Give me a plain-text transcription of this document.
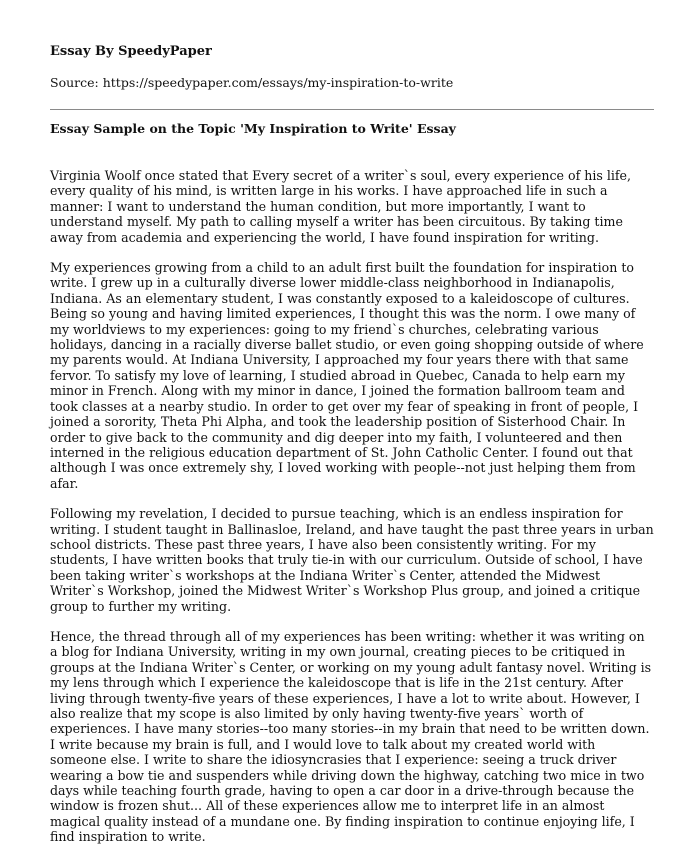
Essay By SpeedyPaper

Source: https://speedypaper.com/essays/my-inspiration-to-write

Essay Sample on the Topic 'My Inspiration to Write' Essay

Virginia Woolf once stated that Every secret of a writer`s soul, every experience of his life, every quality of his mind, is written large in his works. I have approached life in such a manner: I want to understand the human condition, but more importantly, I want to understand myself. My path to calling myself a writer has been circuitous. By taking time away from academia and experiencing the world, I have found inspiration for writing.

My experiences growing from a child to an adult first built the foundation for inspiration to write. I grew up in a culturally diverse lower middle-class neighborhood in Indianapolis, Indiana. As an elementary student, I was constantly exposed to a kaleidoscope of cultures. Being so young and having limited experiences, I thought this was the norm. I owe many of my worldviews to my experiences: going to my friend`s churches, celebrating various holidays, dancing in a racially diverse ballet studio, or even going shopping outside of where my parents would. At Indiana University, I approached my four years there with that same fervor. To satisfy my love of learning, I studied abroad in Quebec, Canada to help earn my minor in French. Along with my minor in dance, I joined the formation ballroom team and took classes at a nearby studio. In order to get over my fear of speaking in front of people, I joined a sorority, Theta Phi Alpha, and took the leadership position of Sisterhood Chair. In order to give back to the community and dig deeper into my faith, I volunteered and then interned in the religious education department of St. John Catholic Center. I found out that although I was once extremely shy, I loved working with people--not just helping them from afar.

Following my revelation, I decided to pursue teaching, which is an endless inspiration for writing. I student taught in Ballinasloe, Ireland, and have taught the past three years in urban school districts. These past three years, I have also been consistently writing. For my students, I have written books that truly tie-in with our curriculum. Outside of school, I have been taking writer`s workshops at the Indiana Writer`s Center, attended the Midwest Writer`s Workshop, joined the Midwest Writer`s Workshop Plus group, and joined a critique group to further my writing.

Hence, the thread through all of my experiences has been writing: whether it was writing on a blog for Indiana University, writing in my own journal, creating pieces to be critiqued in groups at the Indiana Writer`s Center, or working on my young adult fantasy novel. Writing is my lens through which I experience the kaleidoscope that is life in the 21st century. After living through twenty-five years of these experiences, I have a lot to write about. However, I also realize that my scope is also limited by only having twenty-five years` worth of experiences. I have many stories--too many stories--in my brain that need to be written down. I write because my brain is full, and I would love to talk about my created world with someone else. I write to share the idiosyncrasies that I experience: seeing a truck driver wearing a bow tie and suspenders while driving down the highway, catching two mice in two days while teaching fourth grade, having to open a car door in a drive-through because the window is frozen shut... All of these experiences allow me to interpret life in an almost magical quality instead of a mundane one. By finding inspiration to continue enjoying life, I find inspiration to write.
